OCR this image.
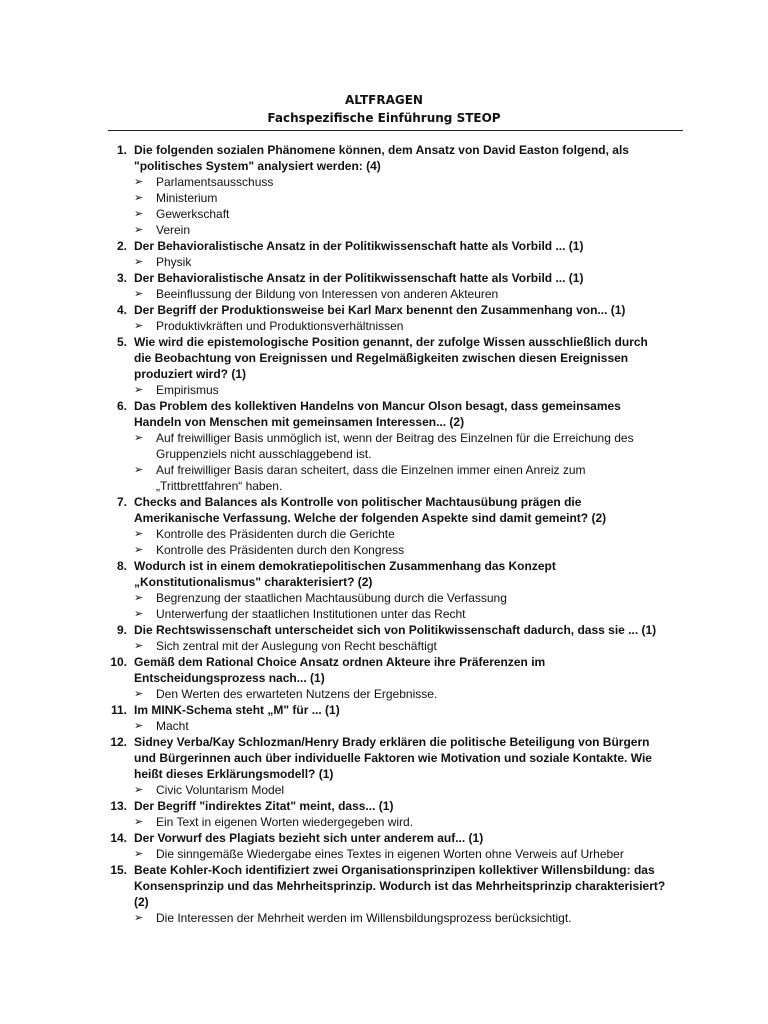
ALTFRAGEN
Fachspezifische Einführung STEOP
1. Die folgenden sozialen Phänomene können, dem Ansatz von David Easton folgend, als "politisches System" analysiert werden: (4)
➢	Parlamentsausschuss
➢	Ministerium
➢	Gewerkschaft
➢	Verein
2. Der Behavioralistische Ansatz in der Politikwissenschaft hatte als Vorbild ... (1)
➢	Physik
3. Der Behavioralistische Ansatz in der Politikwissenschaft hatte als Vorbild ... (1)
➢	Beeinflussung der Bildung von Interessen von anderen Akteuren
4. Der Begriff der Produktionsweise bei Karl Marx benennt den Zusammenhang von... (1)
➢	Produktivkräften und Produktionsverhältnissen
5. Wie wird die epistemologische Position genannt, der zufolge Wissen ausschließlich durch die Beobachtung von Ereignissen und Regelmäßigkeiten zwischen diesen Ereignissen produziert wird? (1)
➢	Empirismus
6. Das Problem des kollektiven Handelns von Mancur Olson besagt, dass gemeinsames Handeln von Menschen mit gemeinsamen Interessen... (2)
➢	Auf freiwilliger Basis unmöglich ist, wenn der Beitrag des Einzelnen für die Erreichung des Gruppenziels nicht ausschlaggebend ist.
➢	Auf freiwilliger Basis daran scheitert, dass die Einzelnen immer einen Anreiz zum „Trittbrettfahren“ haben.
7. Checks and Balances als Kontrolle von politischer Machtausübung prägen die Amerikanische Verfassung. Welche der folgenden Aspekte sind damit gemeint? (2)
➢	Kontrolle des Präsidenten durch die Gerichte
➢	Kontrolle des Präsidenten durch den Kongress
8. Wodurch ist in einem demokratiepolitischen Zusammenhang das Konzept „Konstitutionalismus" charakterisiert? (2)
➢	Begrenzung der staatlichen Machtausübung durch die Verfassung
➢	Unterwerfung der staatlichen Institutionen unter das Recht
9. Die Rechtswissenschaft unterscheidet sich von Politikwissenschaft dadurch, dass sie ... (1)
➢	Sich zentral mit der Auslegung von Recht beschäftigt
10. Gemäß dem Rational Choice Ansatz ordnen Akteure ihre Präferenzen im Entscheidungsprozess nach... (1)
➢	Den Werten des erwarteten Nutzens der Ergebnisse.
11. Im MINK-Schema steht „M" für ... (1)
➢	Macht
12. Sidney Verba/Kay Schlozman/Henry Brady erklären die politische Beteiligung von Bürgern und Bürgerinnen auch über individuelle Faktoren wie Motivation und soziale Kontakte. Wie heißt dieses Erklärungsmodell? (1)
➢	Civic Voluntarism Model
13. Der Begriff "indirektes Zitat" meint, dass... (1)
➢	Ein Text in eigenen Worten wiedergegeben wird.
14. Der Vorwurf des Plagiats bezieht sich unter anderem auf... (1)
➢	Die sinngemäße Wiedergabe eines Textes in eigenen Worten ohne Verweis auf Urheber
15. Beate Kohler-Koch identifiziert zwei Organisationsprinzipen kollektiver Willensbildung: das Konsensprinzip und das Mehrheitsprinzip. Wodurch ist das Mehrheitsprinzip charakterisiert? (2)
➢	Die Interessen der Mehrheit werden im Willensbildungsprozess berücksichtigt.
